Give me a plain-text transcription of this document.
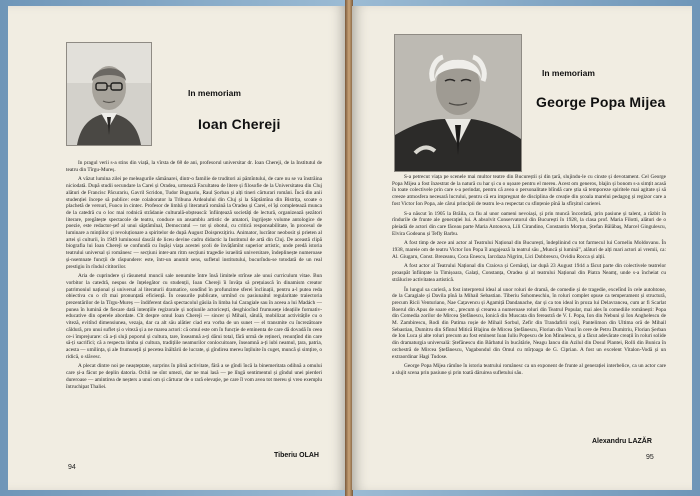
In memoriam
Ioan Chereji

In pragul verii s-a stins din viață, la vîrsta de 68 de ani, profesorul universitar dr. Ioan Chereji, de la Institutul de teatru din Tîrgu-Mureș.

A văzut lumina zilei pe meleagurile sămănarei, dintr-o familie de truditori ai pămîntului, de care nu se va înstrăina niciodată. După studii secundare la Carei și Oradea, urmează Facultatea de litere și filosofie de la Universitatea din Cluj alături de Francisc Păcurariu, Gavril Scridon, Tudor Bugnariu, Raul Șorban și alți tineri cărturari români. Încă din anii studenției începe să publice: este colaborator la Tribuna Ardealului din Cluj și la Săptămîna din Bistrița, scoate o plachetă de versuri, Fuoco in cintec. Profesor de limbă și literatură română la Oradea și Carei, el își completează munca de la catedră cu o loc mai rodnică strădanie culturală-obștească: înființează societăți de lectură, organizează șezători literare, pregătește spectacole de teatru, conduce un ansamblu artistic de amatori, îngrijește volume antologice de poezie, este redactor-șef al unui săptămînal, Democratul — tot și obotul, cu critică responsabilitate, în procesul de luminare a mințiilor și revoluționare a spiritelor de după August Doisprezițiriu. Animator, lucrător neobosit și prieten al artei și culturii, în 1949 luminosul dascăl de liceu devine cadru didactic la Institutul de artă din Cluj. De această clipă biografia lui Ioan Chereji se confundă cu înșăși viața acestei școli de învățămînt superior artistic, unde predă istoria teatrului universal și românesc — secțiuni inter-am ritm secțiuni tragedie israelită universitare, îndeplinește numeroase și-nsemnate funcții de răspundere: este, într-un anumit sens, sufletul institutului, bucurîndu-se totodată de un real prestigiu în rîndul cititorilor.

Aria de cuprindere și răsunetul muncii sale nenumite între însă limitele strînse ale unui curriculum vitae. Bun vorbitor la catedră, nespus de înțelegător cu studenții, Ioan Chereji îi învăța să prețuiască în dinamism creator patrimoniul național și universal al literaturii dramatice, sondînd în profunzime sferei înclinații, pentru a-l putea reda obiectiva cu o cît mai pronunțată eficiență. În ceasurile publicate, urmînd cu pasiunaitul regularitate traiectoria prezentărilor de la Tîrgu-Mureș — îndiferent dacă spectacolul găsiia în limba lui Caragiale sau în aceea a lui Madách — punea în lumină de fiecare dată intențiile regizorale și noțiunile actoricești, desghiocînd frumusețe ideațiile formativ-educative din operele abordate. Cît despre omul Ioan Chereji — sincer și Mihail, sătulă, mobilizat activitățile cu o viteză, evitînd dimensiunea, vezaja, dar ca alt său alătier ciad era vorba de un sunet — el transmite cu încrezătoare căldură, pro unui suflet și o viteză și a ne marea actori: că omul este om în funcție de eminenta de care dă dovadă în ceea ce-i împrejurare: că a-ți sluji poporul și cultura, tare, înseamnă a-ți dărui total, fără urmă de rețineri, renunțînd din care să-ți sacrifici; că a respecta limba și cultura, tradițiile neamurilor conlocuitoare, înseamnă a-ți iubi neamul, țara, patria, acesta — umilința, și ale frumuseții și pecetea înăltării de lucrate, și gîndirea mereu înțiluite în cuget, muncă și simțire, o ridică, o slăvesc.

A plecat dintre noi pe neașteptate, surprins în plină activitate, fără a se gîndi încă la binemeritata odihnă a omului care și-a făcut pe deplin datoria. Ochii ne sînt umezi, dar ne mai lasă — pe lîngă sentimentul și gîndul unei pierderi dureroase — amintirea de neșters a unui om și cărturar de o rară elevație, pe care îl vom avea tot mereu și vreo exemplu întruchipat Thaliei.

Tiberiu OLAH
94
In memoriam
George Popa Mijea

S-a petrecut viața pe scenele mai multor teatre din Bucureștii și din țară, slujindu-le cu cinste și devotament. Cel George Popa Mijea a fost înzestrat de la natură cu har și cu o ușoare pentru el mereu. Acest om generos, blajin și bonom s-a simțit acasă în toate colectivele prin care s-a perindat, pentru că avea o personalitate blîndă care știa să temporeze spiritele mai agitate și să creeze atmosfera necesară lucrului, pentru că era impregnat de disciplina de creație din școala marelui pedagog și regizor care a fost Victor Ion Popa, ale cărui principii de teatru le-a respectat cu sfințenie pînă la sfîrșitul carierei.

S-a născut în 1905 la Brăila, ca fiu al unor oameni nevoiași, și prin muncă încordată, prin pasiune și talent, a răzbit în rîndurile de frunte ale generației lui. A absolvit Conservatorul din București în 1928, la clasa prof. Maria Filotti, alături de o pleiadă de actori din care făceau parte Maria Antonova, Lili Cirandino, Constantin Morțun, Ștefan Bălăbaș, Marcel Gingulescu, Elvira Godeanu și Tefly Barbu.

A fost timp de zece ani actor al Teatrului Național din București, îndeplinind cu tot farmecul lui Corneliu Moldovanu. În 1938, mareie om de teatru Victor Ion Popa îl angajează la teatrul său „Muncă și lumină”, alături de alți mari actori ai vremii, ca: Al. Giugaru, Const. Brezeanu, Coca Enescu, Iarcdaza Nigrim, Lici Dobbrescu, Ovidiu Rocca și alții.

A fost actor al Teatrului Național din Craiova și Cernăuți, iar după 23 August 1944 a făcut parte din colectivele teatrelor proaspăt înființate la Timișoara, Galați, Constanța, Oradea și al teatrului Național din Piatra Neamț, unde s-a încheiat cu strălucire activitatea artistică.

În lungul sa carieră, a fost interpretul ideal al unor roluri de dramă, de comedie și de tragedie, excelînd în cele autohtone, de la Caragiale și Davila pînă la Mihail Sebastian. Tiberiu Sohomeschiu, în roluri complet opuse ca temperament și structură, precum Ricii Venturiano, Nae Cațavencu și Agamiță Dandanache, dar și ca ton ideal în proza lui Delavrancea, cum ar fi Scarlat Boerul din Apus de soare etc., precum și crearea a numeroase roluri din Teatrul Popular, mai ales în comediile românești: Popa din Comedia zorilor de Mircea Ștefănescu, Ionică din Muscata din fereastră de V. I. Popa, Ion din Nebuni și Ion Anghelescu de M. Zambirescu, Rodi din Patima roșie de Mihail Sorbul, Zefir din Trandafirii roșii, Pantelimon din Ultima oră de Mihail Sebastian, Dumitru din Sfîntul Mitică Blajinu de Mircea Ștefănescu, Florian din Vinul în cere de Petru Dumitriu, Florian Șerban de Ion Luca și alte roluri precum au fost eminent Ioan Iuliu Popescu de Ion Minulescu, și a făcut adevărate creații în roluri solide din dramaturgia universală: Ștefănescu din Bărbatul în bucătărie, Neagu Iancu din Azilul din Dosul Plantei, Rolli din Bunica în orchestră de Mircea Ștefănescu, Vagabondul din Omul cu mîrțoaga de G. Ciprian. A fost un excelent Vitalon-Vodă și un extraordinar Hagi Tudose.

George Popa Mijea rămîne în istoria teatrului românesc ca un exponent de frunte al generației interbelice, ca un actor care a slujit scena prin pasiune și prin toată dăruirea sufletului său.

Alexandru LAZĂR
95
